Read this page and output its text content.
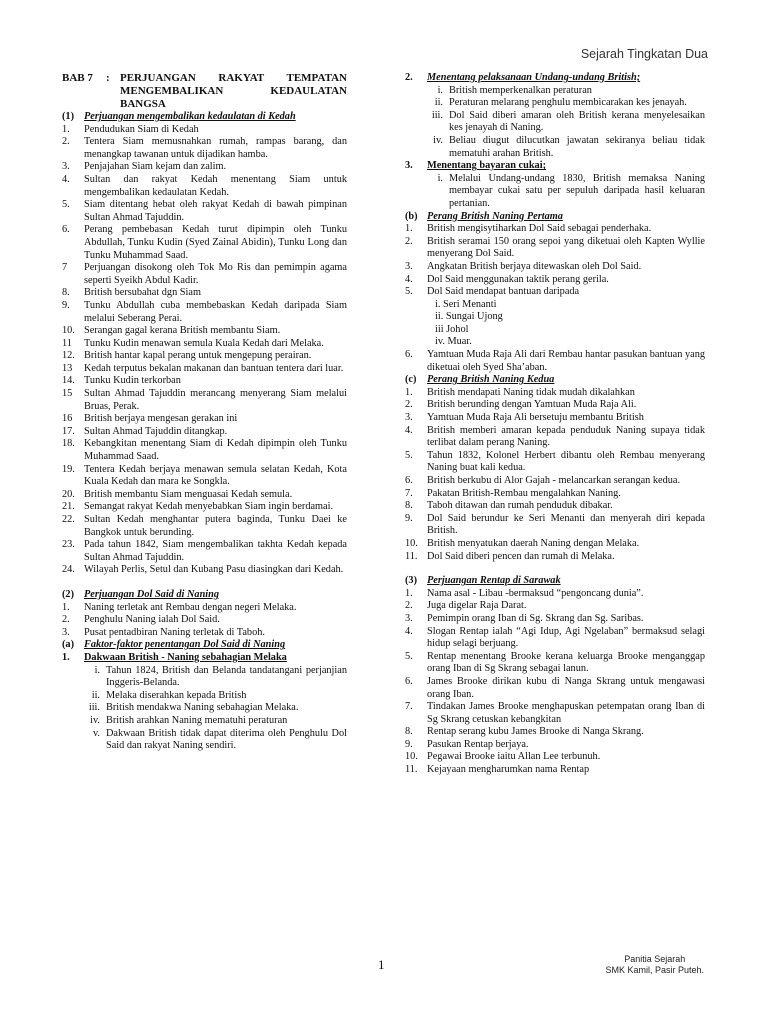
Sejarah Tingkatan Dua
BAB 7	: PERJUANGAN RAKYAT TEMPATAN MENGEMBALIKAN KEDAULATAN BANGSA
(1) Perjuangan mengembalikan kedaulatan di Kedah
1.	Pendudukan Siam di Kedah
2.	Tentera Siam memusnahkan rumah, rampas barang, dan menangkap tawanan untuk dijadikan hamba.
3.	Penjajahan Siam kejam dan zalim.
4.	Sultan dan rakyat Kedah menentang Siam untuk mengembalikan kedaulatan Kedah.
5.	Siam ditentang hebat oleh rakyat Kedah di bawah pimpinan Sultan Ahmad Tajuddin.
6.	Perang pembebasan Kedah turut dipimpin oleh Tunku Abdullah, Tunku Kudin (Syed Zainal Abidin), Tunku Long dan Tunku Muhammad Saad.
7	Perjuangan disokong oleh Tok Mo Ris dan pemimpin agama seperti Syeikh Abdul Kadir.
8.	British bersubahat dgn Siam
9.	Tunku Abdullah cuba membebaskan Kedah daripada Siam melalui Seberang Perai.
10. Serangan gagal kerana British membantu Siam.
11	Tunku Kudin menawan semula Kuala Kedah dari Melaka.
12. British hantar kapal perang untuk mengepung perairan.
13	Kedah terputus bekalan makanan dan bantuan tentera dari luar.
14. Tunku Kudin terkorban
15	Sultan Ahmad Tajuddin merancang menyerang Siam melalui Bruas, Perak.
16	British berjaya mengesan gerakan ini
17. Sultan Ahmad Tajuddin ditangkap.
18. Kebangkitan menentang Siam di Kedah dipimpin oleh Tunku Muhammad Saad.
19. Tentera Kedah berjaya menawan semula selatan Kedah, Kota Kuala Kedah dan mara ke Songkla.
20. British membantu Siam menguasai Kedah semula.
21. Semangat rakyat Kedah menyebabkan Siam ingin berdamai.
22. Sultan Kedah menghantar putera baginda, Tunku Daei ke Bangkok untuk berunding.
23. Pada tahun 1842, Siam mengembalikan takhta Kedah kepada Sultan Ahmad Tajuddin.
24. Wilayah Perlis, Setul dan Kubang Pasu diasingkan dari Kedah.
(2) Perjuangan Dol Said di Naning
1.	Naning terletak ant Rembau dengan negeri Melaka.
2.	Penghulu Naning ialah Dol Said.
3.	Pusat pentadbiran Naning terletak di Taboh.
(a) Faktor-faktor penentangan Dol Said di Naning
1.	Dakwaan British - Naning sebahagian Melaka
i. Tahun 1824, British dan Belanda tandatangani perjanjian Inggeris-Belanda.
ii. Melaka diserahkan kepada British
iii. British mendakwa Naning sebahagian Melaka.
iv. British arahkan Naning mematuhi peraturan
v. Dakwaan British tidak dapat diterima oleh Penghulu Dol Said dan rakyat Naning sendiri.
2.	Menentang pelaksanaan Undang-undang British;
i. British memperkenalkan peraturan
ii. Peraturan melarang penghulu membicarakan kes jenayah.
iii. Dol Said diberi amaran oleh British kerana menyelesaikan kes jenayah di Naning.
iv. Beliau diugut dilucutkan jawatan sekiranya beliau tidak mematuhi arahan British.
3.	Menentang bayaran cukai;
i. Melalui Undang-undang 1830, British memaksa Naning membayar cukai satu per sepuluh daripada hasil keluaran pertanian.
(b) Perang British Naning Pertama
1.	British mengisytiharkan Dol Said sebagai penderhaka.
2.	British seramai 150 orang sepoi yang diketuai oleh Kapten Wyllie menyerang Dol Said.
3.	Angkatan British berjaya ditewaskan oleh Dol Said.
4.	Dol Said menggunakan taktik perang gerila.
5.	Dol Said mendapat bantuan daripada
i. Seri Menanti
ii. Sungai Ujong
iii Johol
iv. Muar.
6.	Yamtuan Muda Raja Ali dari Rembau hantar pasukan bantuan yang diketuai oleh Syed Sha’aban.
(c)	Perang British Naning Kedua
1.	British mendapati Naning tidak mudah dikalahkan
2.	British berunding dengan Yamtuan Muda Raja Ali.
3.	Yamtuan Muda Raja Ali bersetuju membantu British
4.	British memberi amaran kepada penduduk Naning supaya tidak terlibat dalam perang Naning.
5.	Tahun 1832, Kolonel Herbert dibantu oleh Rembau menyerang Naning buat kali kedua.
6.	British berkubu di Alor Gajah - melancarkan serangan kedua.
7.	Pakatan British-Rembau mengalahkan Naning.
8.	Taboh ditawan dan rumah penduduk dibakar.
9.	Dol Said berundur ke Seri Menanti dan menyerah diri kepada British.
10. British menyatukan daerah Naning dengan Melaka.
11. Dol Said diberi pencen dan rumah di Melaka.
(3) Perjuangan Rentap di Sarawak
1.	Nama asal - Libau -bermaksud “pengoncang dunia”.
2.	Juga digelar Raja Darat.
3.	Pemimpin orang Iban di Sg. Skrang dan Sg. Saribas.
4.	Slogan Rentap ialah “Agi Idup, Agi Ngelaban” bermaksud selagi hidup selagi berjuang.
5.	Rentap menentang Brooke kerana keluarga Brooke menganggap orang Iban di Sg Skrang sebagai lanun.
6.	James Brooke dirikan kubu di Nanga Skrang untuk mengawasi orang Iban.
7.	Tindakan James Brooke menghapuskan petempatan orang Iban di Sg Skrang cetuskan kebangkitan
8.	Rentap serang kubu James Brooke di Nanga Skrang.
9.	Pasukan Rentap berjaya.
10. Pegawai Brooke iaitu Allan Lee terbunuh.
11. Kejayaan mengharumkan nama Rentap
1	Panitia Sejarah
SMK Kamil, Pasir Puteh.
